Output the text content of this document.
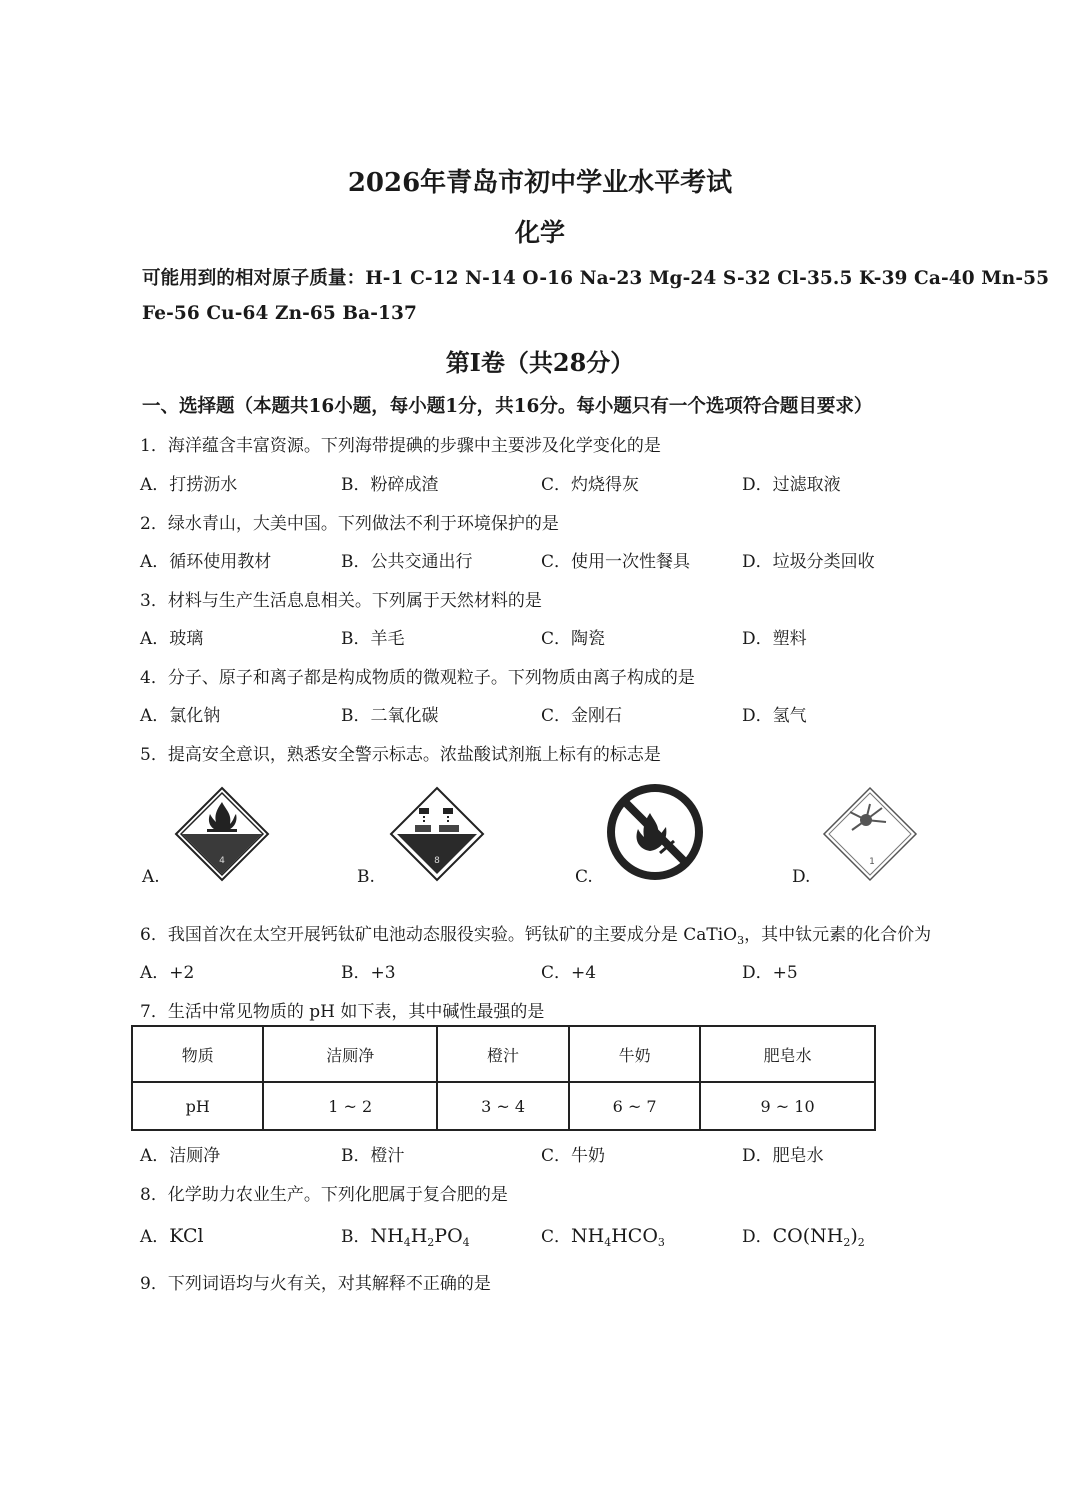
2026年青岛市初中学业水平考试
化学
可能用到的相对原子质量：H-1 C-12 N-14 O-16 Na-23 Mg-24 S-32 Cl-35.5 K-39 Ca-40 Mn-55
Fe-56 Cu-64 Zn-65 Ba-137
第Ⅰ卷（共28分）
一、选择题（本题共16小题，每小题1分，共16分。每小题只有一个选项符合题目要求）
1．海洋蕴含丰富资源。下列海带提碘的步骤中主要涉及化学变化的是
A．打捞沥水	B．粉碎成渣	C．灼烧得灰	D．过滤取液
2．绿水青山，大美中国。下列做法不利于环境保护的是
A．循环使用教材	B．公共交通出行	C．使用一次性餐具	D．垃圾分类回收
3．材料与生产生活息息相关。下列属于天然材料的是
A．玻璃	B．羊毛	C．陶瓷	D．塑料
4．分子、原子和离子都是构成物质的微观粒子。下列物质由离子构成的是
A．氯化钠	B．二氧化碳	C．金刚石	D．氢气
5．提高安全意识，熟悉安全警示标志。浓盐酸试剂瓶上标有的标志是
4
A.
8
B.	C.
1
D.
6．我国首次在太空开展钙钛矿电池动态服役实验。钙钛矿的主要成分是 CaTiO$_3$，其中钛元素的化合价为
A．+2	B．+3	C．+4	D．+5
7．生活中常见物质的 pH 如下表，其中碱性最强的是
物质	洁厕净	橙汁	牛奶	肥皂水
pH	1 ~ 2	3 ~ 4	6 ~ 7	9 ~ 10
A．洁厕净	B．橙汁	C．牛奶	D．肥皂水
8．化学助力农业生产。下列化肥属于复合肥的是
A．KCl	B．$NH_4H_2PO_4$	C．$NH_4HCO_3$	D．$CO(NH_2)_2$
9．下列词语均与火有关，对其解释不正确的是
